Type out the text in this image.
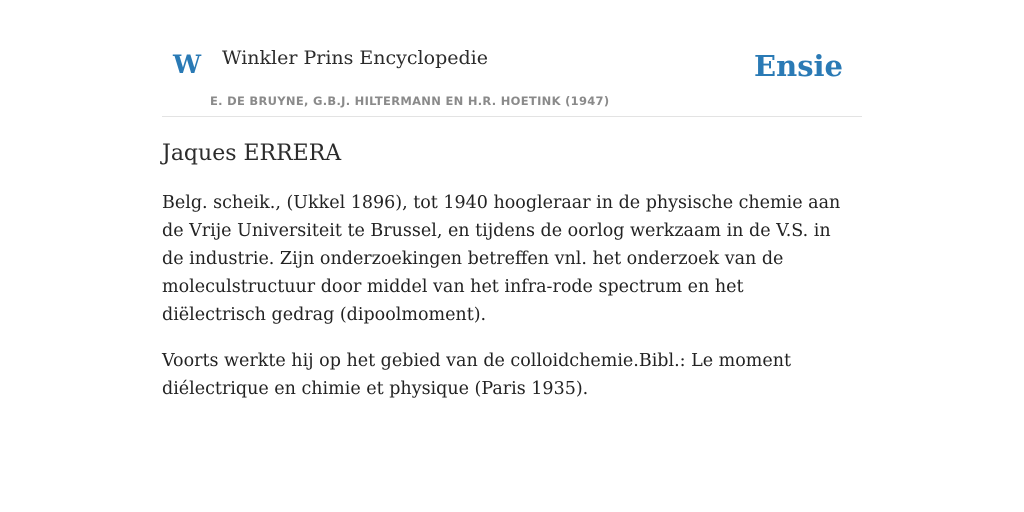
W Winkler Prins Encyclopedie
E. DE BRUYNE, G.B.J. HILTERMANN EN H.R. HOETINK (1947)
Ensie
Jaques ERRERA

Belg. scheik., (Ukkel 1896), tot 1940 hoogleraar in de physische chemie aan de Vrije Universiteit te Brussel, en tijdens de oorlog werkzaam in de V.S. in de industrie. Zijn onderzoekingen betreffen vnl. het onderzoek van de moleculstructuur door middel van het infra-rode spectrum en het diëlectrisch gedrag (dipoolmoment).

Voorts werkte hij op het gebied van de colloidchemie.Bibl.: Le moment diélectrique en chimie et physique (Paris 1935).
